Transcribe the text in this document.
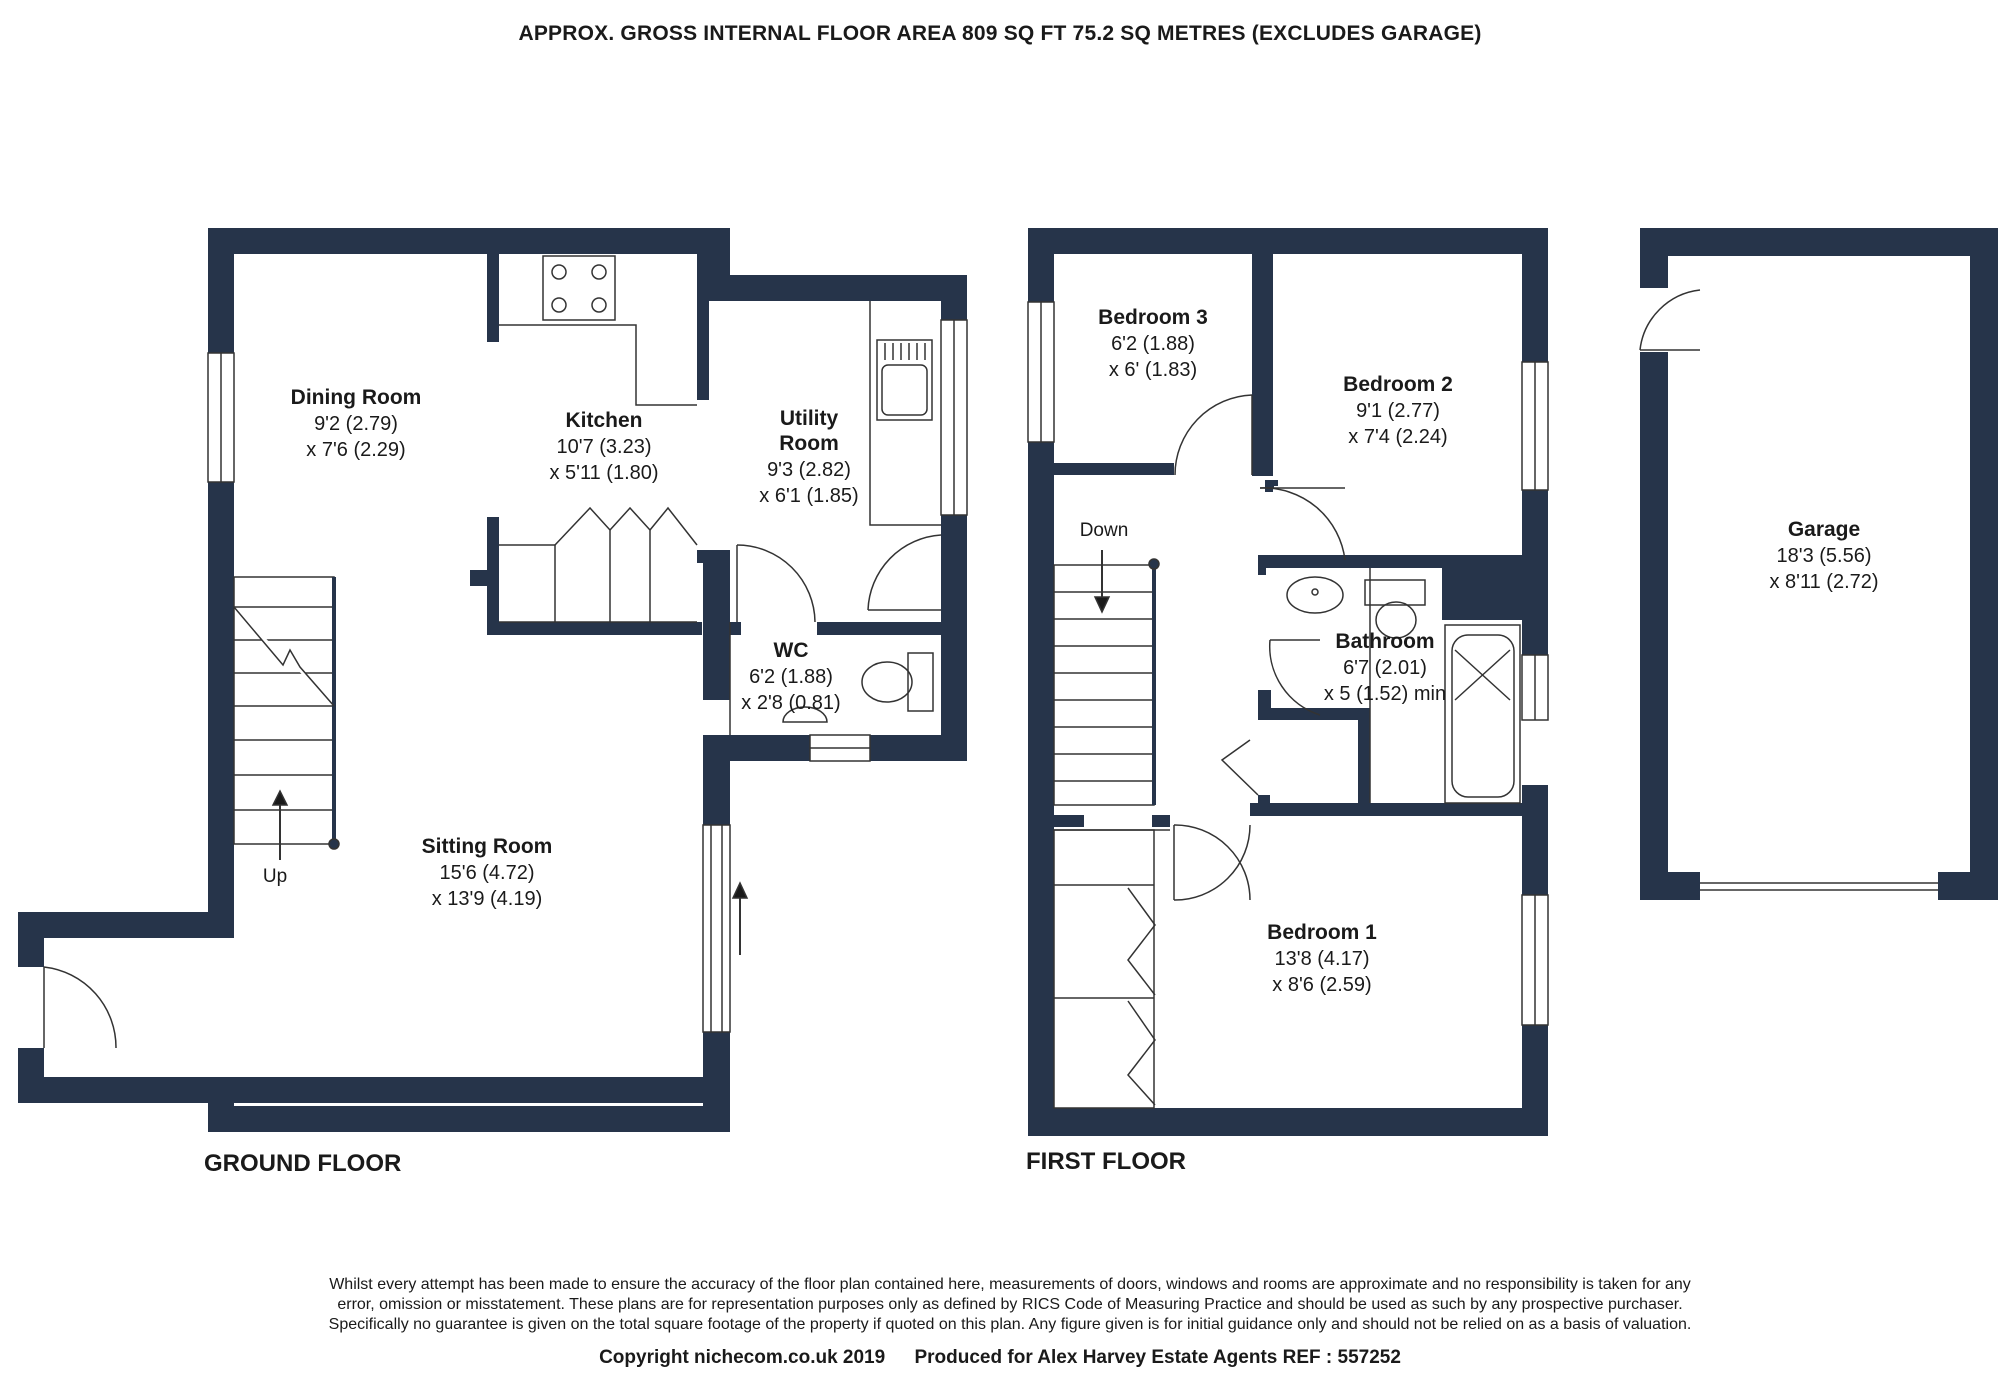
APPROX. GROSS INTERNAL FLOOR AREA 809 SQ FT 75.2 SQ METRES (EXCLUDES GARAGE)
Dining Room
9'2 (2.79)
x 7'6 (2.29)
Kitchen
10'7 (3.23)
x 5'11 (1.80)
Utility
Room
9'3 (2.82)
x 6'1 (1.85)
WC
6'2 (1.88)
x 2'8 (0.81)
Sitting Room
15'6 (4.72)
x 13'9 (4.19)
Up
Down
Bedroom 3
6'2 (1.88)
x 6' (1.83)
Bedroom 2
9'1 (2.77)
x 7'4 (2.24)
Bathroom
6'7 (2.01)
x 5 (1.52) min
Bedroom 1
13'8 (4.17)
x 8'6 (2.59)
Garage
18'3 (5.56)
x 8'11 (2.72)
GROUND FLOOR	FIRST FLOOR
Whilst every attempt has been made to ensure the accuracy of the floor plan contained here, measurements of doors, windows and rooms are approximate and no responsibility is taken for any
error, omission or misstatement. These plans are for representation purposes only as defined by RICS Code of Measuring Practice and should be used as such by any prospective purchaser.
Specifically no guarantee is given on the total square footage of the property if quoted on this plan. Any figure given is for initial guidance only and should not be relied on as a basis of valuation.
Copyright nichecom.co.uk 2019 Produced for Alex Harvey Estate Agents REF : 557252
